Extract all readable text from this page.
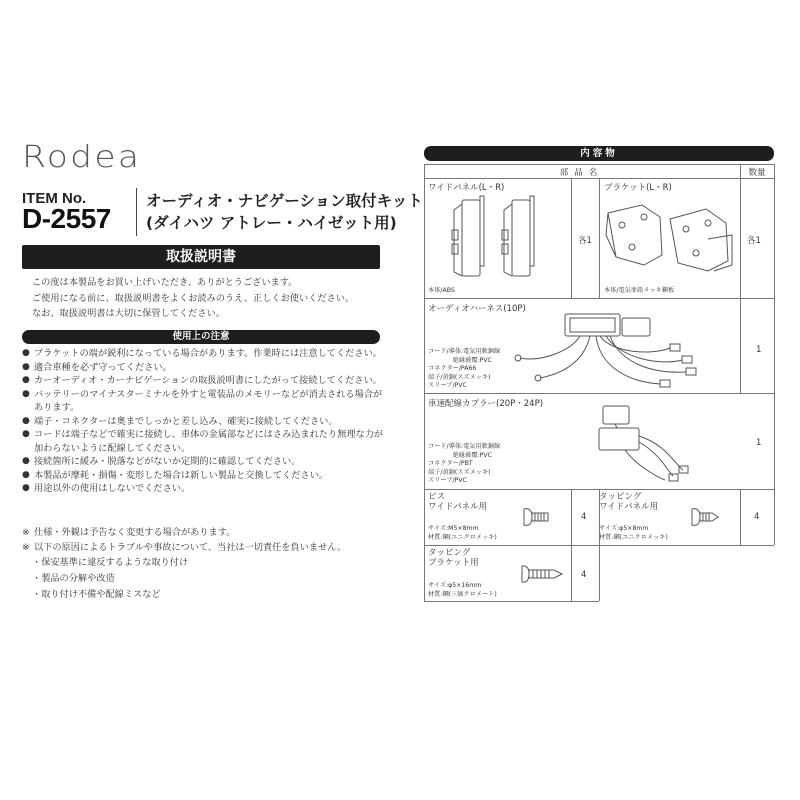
Rodea
ITEM No.
D-2557
オーディオ・ナビゲーション取付キット
(ダイハツ アトレー・ハイゼット用)
取扱説明書
この度は本製品をお買い上げいただき、ありがとうございます。
ご使用になる前に、取扱説明書をよくお読みのうえ、正しくお使いください。
なお、取扱説明書は大切に保管してください。
使用上の注意
● ブラケットの端が鋭利になっている場合があります。作業時には注意してください。
● 適合車種を必ず守ってください。
● カーオーディオ・カーナビゲーションの取扱説明書にしたがって接続してください。
● バッテリーのマイナスターミナルを外すと電装品のメモリーなどが消去される場合があります。
● 端子・コネクターは奥までしっかと差し込み、確実に接続してください。
● コードは端子などで確実に接続し、車体の金属部などにはさみ込まれたり無理な力が加わらないように配線してください。
● 接続箇所に緩み・脱落などがないか定期的に確認してください。
● 本製品が摩耗・損傷・変形した場合は新しい製品と交換してください。
● 用途以外の使用はしないでください。
※ 仕様・外観は予告なく変更する場合があります。
※ 以下の原因によるトラブルや事故について、当社は一切責任を負いません。
・ 保安基準に違反するような取り付け
・ 製品の分解や改造
・ 取り付け不備や配線ミスなど
内容物
部品名	数量
ワイドパネル(L・R)
本体/ABS
各1
ブラケット(L・R)
本体/電気亜鉛メッキ鋼板
各1
オーディオハーネス(10P)
コード/導体:電気用軟銅線
　　　　絶縁被覆:PVC
コネクター/PA66
端子/黄銅(スズメッキ)
スリーブ/PVC
1
車速配線カプラー(20P・24P)
コード/導体:電気用軟銅線
　　　　絶縁被覆:PVC
コネクター/PBT
端子/黄銅(スズメッキ)
スリーブ/PVC
1
ビス
ワイドパネル用
サイズ:M5×8mm
材質:鋼(ユニクロメッキ)
4
タッピング
ワイドパネル用
サイズ:φ5×8mm
材質:鋼(ユニクロメッキ)
4
タッピング
ブラケット用
サイズ:φ5×16mm
材質:鋼(三価クロメート)
4
